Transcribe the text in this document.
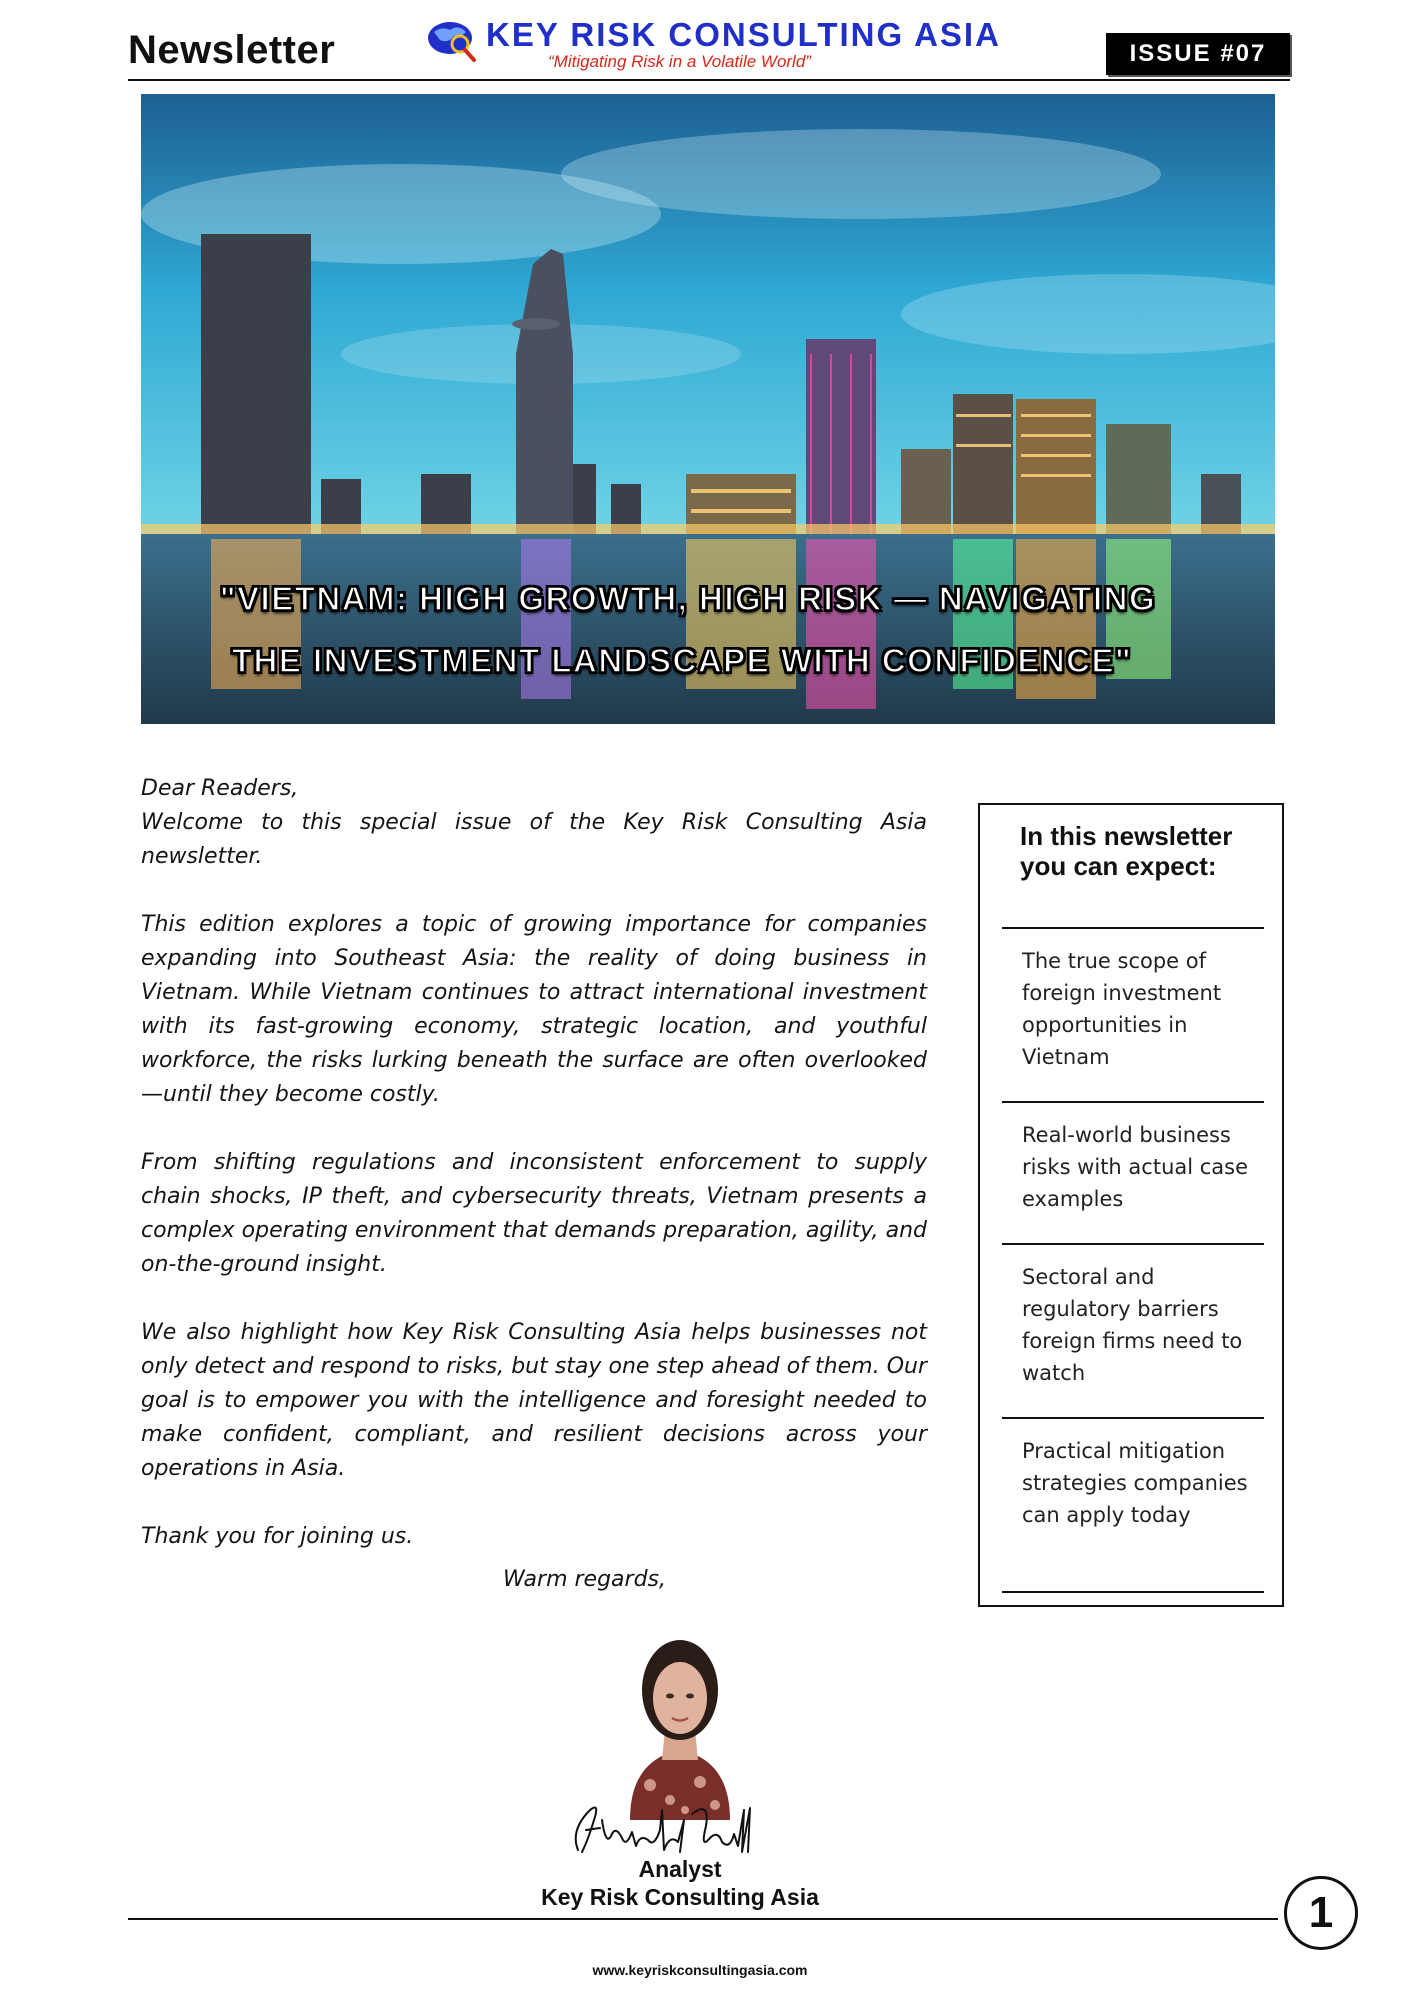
Newsletter	KEY RISK CONSULTING ASIA
“Mitigating Risk in a Volatile World”	ISSUE #07
"VIETNAM: HIGH GROWTH, HIGH RISK — NAVIGATING
THE INVESTMENT LANDSCAPE WITH CONFIDENCE"

Dear Readers,

Welcome to this special issue of the Key Risk Consulting Asia newsletter.

This edition explores a topic of growing importance for companies expanding into Southeast Asia: the reality of doing business in Vietnam. While Vietnam continues to attract international investment with its fast-growing economy, strategic location, and youthful workforce, the risks lurking beneath the surface are often overlooked—until they become costly.

From shifting regulations and inconsistent enforcement to supply chain shocks, IP theft, and cybersecurity threats, Vietnam presents a complex operating environment that demands preparation, agility, and on-the-ground insight.

We also highlight how Key Risk Consulting Asia helps businesses not only detect and respond to risks, but stay one step ahead of them. Our goal is to empower you with the intelligence and foresight needed to make confident, compliant, and resilient decisions across your operations in Asia.

Thank you for joining us.

Warm regards,
In this newsletter you can expect:
The true scope of foreign investment opportunities in Vietnam
Real-world business risks with actual case examples
Sectoral and regulatory barriers foreign firms need to watch
Practical mitigation strategies companies can apply today
Analyst
Key Risk Consulting Asia	1
www.keyriskconsultingasia.com
